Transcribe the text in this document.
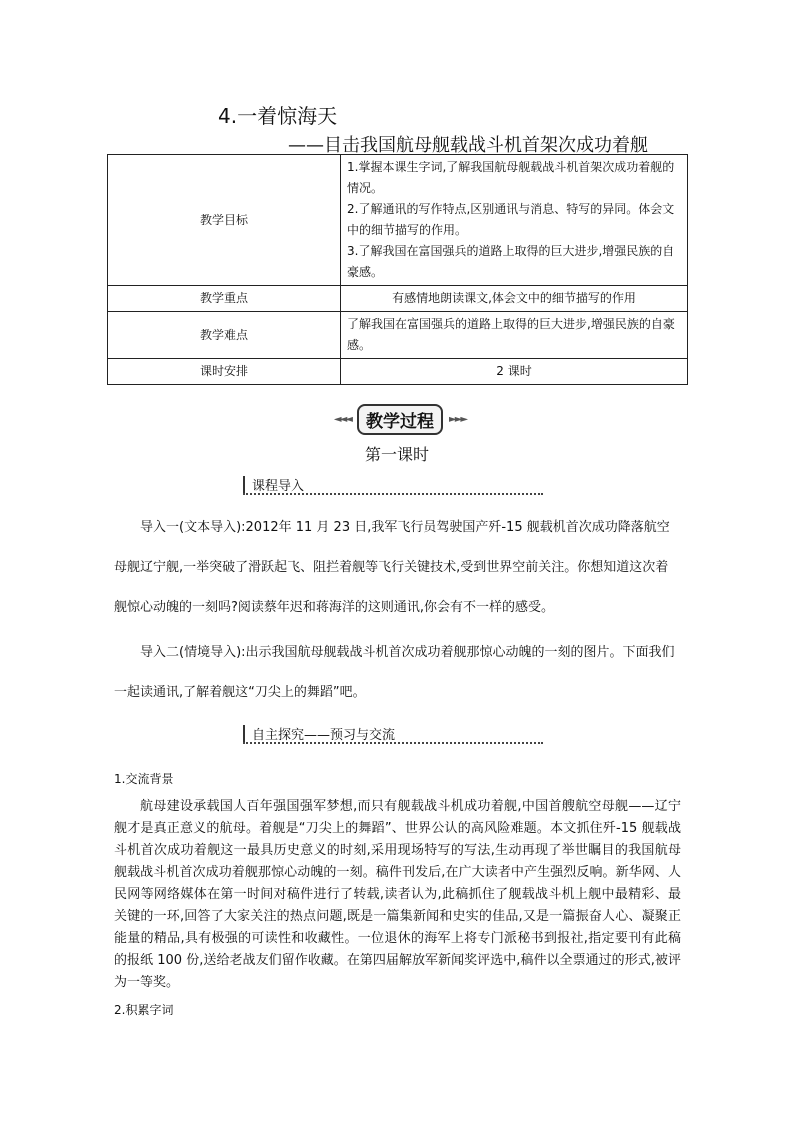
4.一着惊海天
——目击我国航母舰载战斗机首架次成功着舰
教学目标	1.掌握本课生字词,了解我国航母舰载战斗机首架次成功着舰的情况。
2.了解通讯的写作特点,区别通讯与消息、特写的异同。体会文中的细节描写的作用。
3.了解我国在富国强兵的道路上取得的巨大进步,增强民族的自豪感。

教学重点	有感情地朗读课文,体会文中的细节描写的作用
教学难点	了解我国在富国强兵的道路上取得的巨大进步,增强民族的自豪感。
课时安排	2 课时
◄◄◄ 教学过程	►►►
第一课时
课程导入

导入一(文本导入):2012年 11 月 23 日,我军飞行员驾驶国产歼-15 舰载机首次成功降落航空母舰辽宁舰,一举突破了滑跃起飞、阻拦着舰等飞行关键技术,受到世界空前关注。你想知道这次着舰惊心动魄的一刻吗?阅读蔡年迟和蒋海洋的这则通讯,你会有不一样的感受。

导入二(情境导入):出示我国航母舰载战斗机首次成功着舰那惊心动魄的一刻的图片。下面我们一起读通讯,了解着舰这“刀尖上的舞蹈”吧。

自主探究——预习与交流
1.交流背景

航母建设承载国人百年强国强军梦想,而只有舰载战斗机成功着舰,中国首艘航空母舰——辽宁舰才是真正意义的航母。着舰是“刀尖上的舞蹈”、世界公认的高风险难题。本文抓住歼-15 舰载战斗机首次成功着舰这一最具历史意义的时刻,采用现场特写的写法,生动再现了举世瞩目的我国航母舰载战斗机首次成功着舰那惊心动魄的一刻。稿件刊发后,在广大读者中产生强烈反响。新华网、人民网等网络媒体在第一时间对稿件进行了转载,读者认为,此稿抓住了舰载战斗机上舰中最精彩、最关键的一环,回答了大家关注的热点问题,既是一篇集新闻和史实的佳品,又是一篇振奋人心、凝聚正能量的精品,具有极强的可读性和收藏性。一位退休的海军上将专门派秘书到报社,指定要刊有此稿的报纸 100 份,送给老战友们留作收藏。在第四届解放军新闻奖评选中,稿件以全票通过的形式,被评为一等奖。

2.积累字词
